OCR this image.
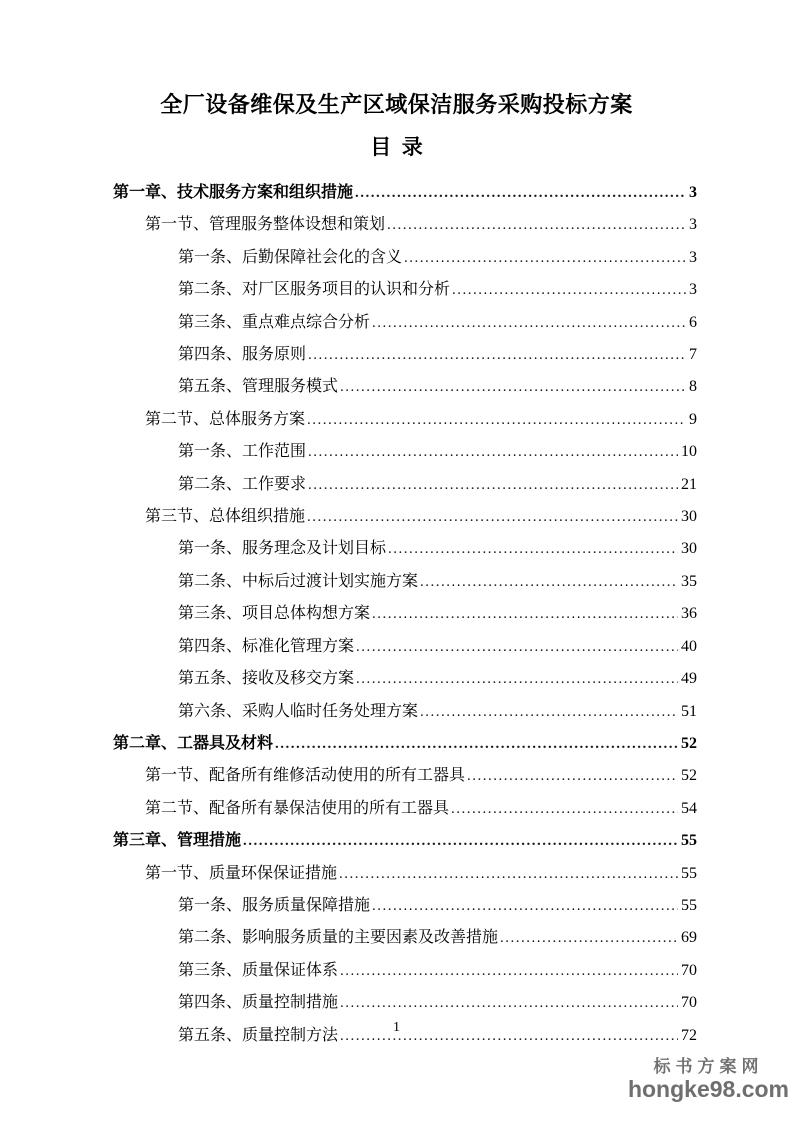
全厂设备维保及生产区域保洁服务采购投标方案
目  录
第一章、技术服务方案和组织措施 .....	3
第一节、管理服务整体设想和策划 .....	3
第一条、后勤保障社会化的含义 .....	3
第二条、对厂区服务项目的认识和分析 .....	3
第三条、重点难点综合分析 .....	6
第四条、服务原则 .....	7
第五条、管理服务模式 .....	8
第二节、总体服务方案 .....	9
第一条、工作范围 .....	10
第二条、工作要求 .....	21
第三节、总体组织措施 .....	30
第一条、服务理念及计划目标 .....	30
第二条、中标后过渡计划实施方案 .....	35
第三条、项目总体构想方案 .....	36
第四条、标准化管理方案 .....	40
第五条、接收及移交方案 .....	49
第六条、采购人临时任务处理方案 .....	51
第二章、工器具及材料 .....	52
第一节、配备所有维修活动使用的所有工器具 .....	52
第二节、配备所有暴保洁使用的所有工器具 .....	54
第三章、管理措施 .....	55
第一节、质量环保保证措施 .....	55
第一条、服务质量保障措施 .....	55
第二条、影响服务质量的主要因素及改善措施 .....	69
第三条、质量保证体系 .....	70
第四条、质量控制措施 .....	70
第五条、质量控制方法 .....	72
1
标书方案网
hongke98.com
